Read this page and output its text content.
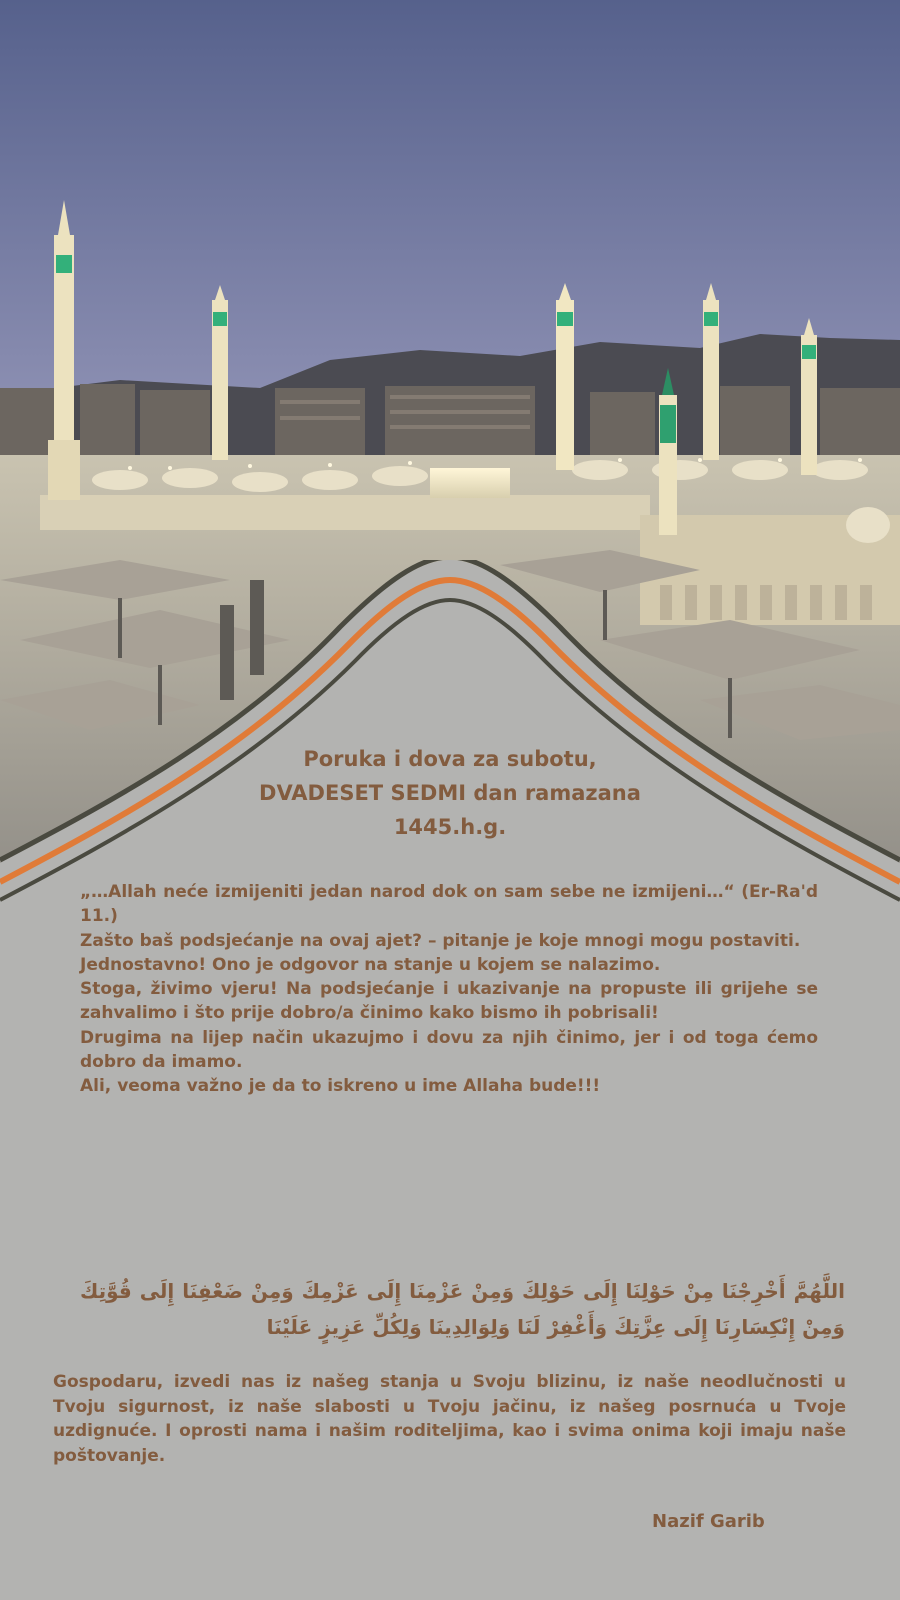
Poruka i dova za subotu,
DVADESET SEDMI dan ramazana
1445.h.g.

„…Allah neće izmijeniti jedan narod dok on sam sebe ne izmijeni…“ (Er-Ra'd 11.)

Zašto baš podsjećanje na ovaj ajet? – pitanje je koje mnogi mogu postaviti.

Jednostavno! Ono je odgovor na stanje u kojem se nalazimo.

Stoga, živimo vjeru! Na podsjećanje i ukazivanje na propuste ili grijehe se zahvalimo i što prije dobro/a činimo kako bismo ih pobrisali!

Drugima na lijep način ukazujmo i dovu za njih činimo, jer i od toga ćemo dobro da imamo.

Ali, veoma važno je da to iskreno u ime Allaha bude!!!

اللَّهُمَّ أَخْرِجْنَا مِنْ حَوْلِنَا إِلَى حَوْلِكَ وَمِنْ عَزْمِنَا إِلَى عَزْمِكَ وَمِنْ ضَعْفِنَا إِلَى قُوَّتِكَ وَمِنْ إِنْكِسَارِنَا إِلَى عِزَّتِكَ وَأَغْفِرْ لَنَا وَلِوَالِدِينَا وَلِكُلِّ عَزِيزٍ عَلَيْنَا
Gospodaru, izvedi nas iz našeg stanja u Svoju blizinu, iz naše neodlučnosti u Tvoju sigurnost, iz naše slabosti u Tvoju jačinu, iz našeg posrnuća u Tvoje uzdignuće. I oprosti nama i našim roditeljima, kao i svima onima koji imaju naše poštovanje.
Nazif Garib
